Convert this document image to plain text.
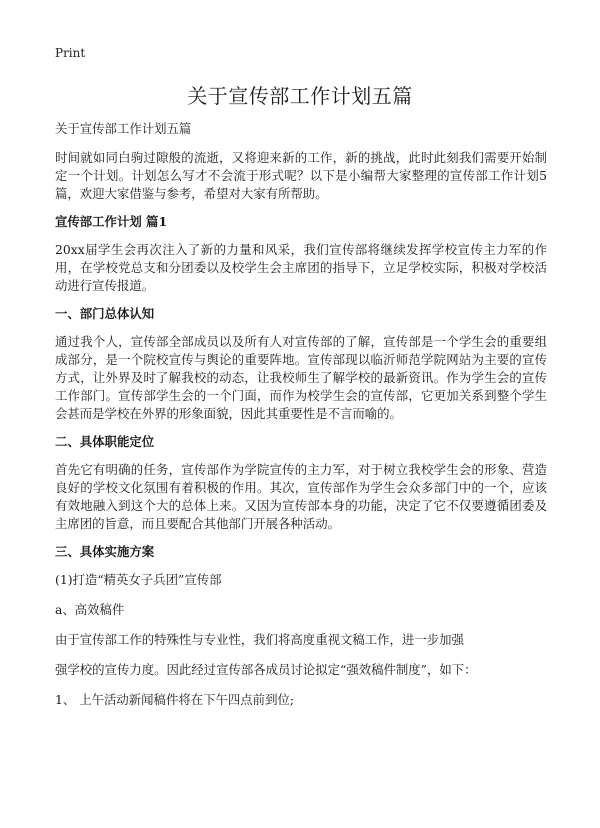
Print
关于宣传部工作计划五篇

关于宣传部工作计划五篇

时间就如同白驹过隙般的流逝，又将迎来新的工作，新的挑战，此时此刻我们需要开始制定一个计划。计划怎么写才不会流于形式呢？以下是小编帮大家整理的宣传部工作计划5篇，欢迎大家借鉴与参考，希望对大家有所帮助。

宣传部工作计划 篇1

20xx届学生会再次注入了新的力量和风采，我们宣传部将继续发挥学校宣传主力军的作用，在学校党总支和分团委以及校学生会主席团的指导下，立足学校实际，积极对学校活动进行宣传报道。

一、部门总体认知

通过我个人，宣传部全部成员以及所有人对宣传部的了解，宣传部是一个学生会的重要组成部分，是一个院校宣传与舆论的重要阵地。宣传部现以临沂师范学院网站为主要的宣传方式，让外界及时了解我校的动态，让我校师生了解学校的最新资讯。作为学生会的宣传工作部门。宣传部学生会的一个门面，而作为校学生会的宣传部，它更加关系到整个学生会甚而是学校在外界的形象面貌，因此其重要性是不言而喻的。

二、具体职能定位

首先它有明确的任务，宣传部作为学院宣传的主力军，对于树立我校学生会的形象、营造良好的学校文化氛围有着积极的作用。其次，宣传部作为学生会众多部门中的一个，应该有效地融入到这个大的总体上来。又因为宣传部本身的功能，决定了它不仅要遵循团委及主席团的旨意，而且要配合其他部门开展各种活动。

三、具体实施方案

(1)打造“精英女子兵团”宣传部

a、高效稿件

由于宣传部工作的特殊性与专业性，我们将高度重视文稿工作，进一步加强

强学校的宣传力度。因此经过宣传部各成员讨论拟定“强效稿件制度”，如下：

1、 上午活动新闻稿件将在下午四点前到位;
